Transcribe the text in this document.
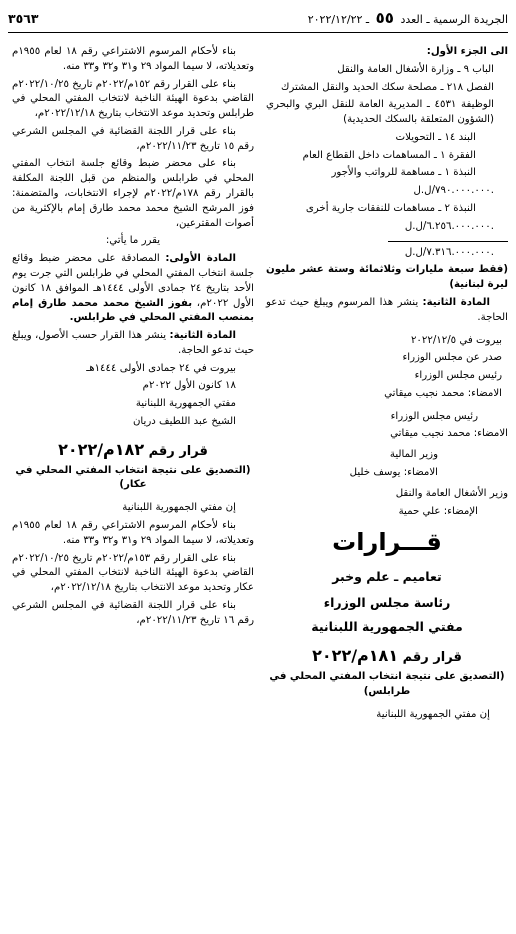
الجريدة الرسمية ـ العدد ٥٥ ـ ٢٠٢٢/١٢/٢٢
٣٥٦٣

الى الجزء الأول:

الباب ٩ ـ وزارة الأشغال العامة والنقل

الفصل ٢١٨ ـ مصلحة سكك الحديد والنقل المشترك

الوظيفة ٤٥٣١ ـ المديرية العامة للنقل البري والبحري (الشؤون المتعلقة بالسكك الحديدية)

البند ١٤ ـ التحويلات

الفقرة ١ ـ المساهمات داخل القطاع العام

النبذة ١ ـ مساهمة للرواتب والأجور

٧٩٠.٠٠٠.٠٠٠/ل.ل.

النبذة ٢ ـ مساهمات للنفقات جارية أخرى

٦.٢٥٦.٠٠٠.٠٠٠/ل.ل.

٧.٣١٦.٠٠٠.٠٠٠/ل.ل.

(فقط سبعة مليارات وثلاثمائة وستة عشر مليون ليرة لبنانية)

المادة الثانية: ينشر هذا المرسوم ويبلغ حيث تدعو الحاجة.

بيروت في ٢٠٢٢/١٢/٥

صدر عن مجلس الوزراء

رئيس مجلس الوزراء

الامضاء: محمد نجيب ميقاتي

رئيس مجلس الوزراء

الامضاء: محمد نجيب ميقاتي

وزير المالية

الامضاء: يوسف خليل

وزير الأشغال العامة والنقل

الإمضاء: علي حمية

قـــرارات

تعاميم ـ علم وخبر

رئاسة مجلس الوزراء

مفتي الجمهورية اللبنانية

قرار رقم ١٨١م/٢٠٢٢

(التصديق على نتيجة انتخاب المفتي المحلي في طرابلس)

إن مفتي الجمهورية اللبنانية

بناء لأحكام المرسوم الاشتراعي رقم ١٨ لعام ١٩٥٥م وتعديلاته، لا سيما المواد ٢٩ و٣١ و٣٢ و٣٣ منه.

بناء على القرار رقم ١٥٢م/٢٠٢٢م تاريخ ٢٠٢٢/١٠/٢٥م القاضي بدعوة الهيئة الناخبة لانتخاب المفتي المحلي في طرابلس وتحديد موعد الانتخاب بتاريخ ٢٠٢٢/١٢/١٨م،

بناء على قرار اللجنة القضائية في المجلس الشرعي رقم ١٥ تاريخ ٢٠٢٢/١١/٢٣م،

بناء على محضر ضبط وقائع جلسة انتخاب المفتي المحلي في طرابلس والمنظم من قبل اللجنة المكلفة بالقرار رقم ١٧٨م/٢٠٢٢م لإجراء الانتخابات، والمتضمنة: فوز المرشح الشيخ محمد محمد طارق إمام بالإكثرية من أصوات المقترعين،

يقرر ما يأتي:

المادة الأولى: المصادقة على محضر ضبط وقائع جلسة انتخاب المفتي المحلي في طرابلس التي جرت يوم الأحد بتاريخ ٢٤ جمادى الأولى ١٤٤٤هـ الموافق ١٨ كانون الأول ٢٠٢٢م، بفوز الشيخ محمد محمد طارق إمام بمنصب المفتي المحلي في طرابلس.

المادة الثانية: ينشر هذا القرار حسب الأصول، ويبلغ حيث تدعو الحاجة.

بيروت في ٢٤ جمادى الأولى ١٤٤٤هـ

١٨ كانون الأول ٢٠٢٢م

مفتي الجمهورية اللبنانية

الشيخ عبد اللطيف دريان

قرار رقم ١٨٢م/٢٠٢٢

(التصديق على نتيجة انتخاب المفتي المحلي في عكار)

إن مفتي الجمهورية اللبنانية

بناء لأحكام المرسوم الاشتراعي رقم ١٨ لعام ١٩٥٥م وتعديلاته، لا سيما المواد ٢٩ و٣١ و٣٢ و٣٣ منه.

بناء على القرار رقم ١٥٣م/٢٠٢٢م تاريخ ٢٠٢٢/١٠/٢٥م القاضي بدعوة الهيئة الناخبة لانتخاب المفتي المحلي في عكار وتحديد موعد الانتخاب بتاريخ ٢٠٢٢/١٢/١٨م،

بناء على قرار اللجنة القضائية في المجلس الشرعي رقم ١٦ تاريخ ٢٠٢٢/١١/٢٣م،
